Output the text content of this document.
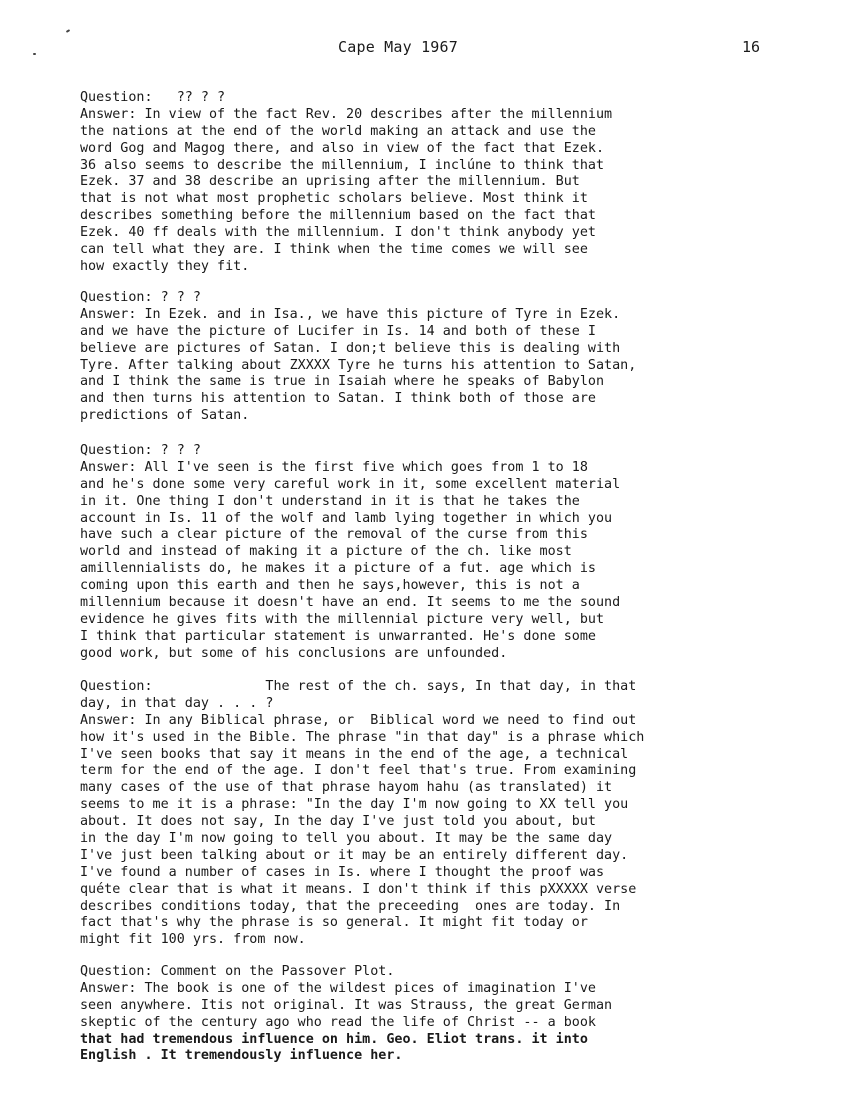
Cape May 1967	16
Question:   ?? ? ?
Answer: In view of the fact Rev. 20 describes after the millennium
the nations at the end of the world making an attack and use the
word Gog and Magog there, and also in view of the fact that Ezek.
36 also seems to describe the millennium, I inclúne to think that
Ezek. 37 and 38 describe an uprising after the millennium. But
that is not what most prophetic scholars believe. Most think it
describes something before the millennium based on the fact that
Ezek. 40 ff deals with the millennium. I don't think anybody yet
can tell what they are. I think when the time comes we will see
how exactly they fit.
Question: ? ? ?
Answer: In Ezek. and in Isa., we have this picture of Tyre in Ezek.
and we have the picture of Lucifer in Is. 14 and both of these I
believe are pictures of Satan. I don;t believe this is dealing with
Tyre. After talking about ZXXXX Tyre he turns his attention to Satan,
and I think the same is true in Isaiah where he speaks of Babylon
and then turns his attention to Satan. I think both of those are
predictions of Satan.
Question: ? ? ?
Answer: All I've seen is the first five which goes from 1 to 18
and he's done some very careful work in it, some excellent material
in it. One thing I don't understand in it is that he takes the
account in Is. 11 of the wolf and lamb lying together in which you
have such a clear picture of the removal of the curse from this
world and instead of making it a picture of the ch. like most
amillennialists do, he makes it a picture of a fut. age which is
coming upon this earth and then he says,however, this is not a
millennium because it doesn't have an end. It seems to me the sound
evidence he gives fits with the millennial picture very well, but
I think that particular statement is unwarranted. He's done some
good work, but some of his conclusions are unfounded.
Question:              The rest of the ch. says, In that day, in that
day, in that day . . . ?
Answer: In any Biblical phrase, or  Biblical word we need to find out
how it's used in the Bible. The phrase "in that day" is a phrase which
I've seen books that say it means in the end of the age, a technical
term for the end of the age. I don't feel that's true. From examining
many cases of the use of that phrase hayom hahu (as translated) it
seems to me it is a phrase: "In the day I'm now going to XX tell you
about. It does not say, In the day I've just told you about, but
in the day I'm now going to tell you about. It may be the same day
I've just been talking about or it may be an entirely different day.
I've found a number of cases in Is. where I thought the proof was
quéte clear that is what it means. I don't think if this pXXXXX verse
describes conditions today, that the preceeding  ones are today. In
fact that's why the phrase is so general. It might fit today or
might fit 100 yrs. from now.
Question: Comment on the Passover Plot.
Answer: The book is one of the wildest pices of imagination I've
seen anywhere. Itis not original. It was Strauss, the great German
skeptic of the century ago who read the life of Christ -- a book
that had tremendous influence on him. Geo. Eliot trans. it into
English . It tremendously influence her.
